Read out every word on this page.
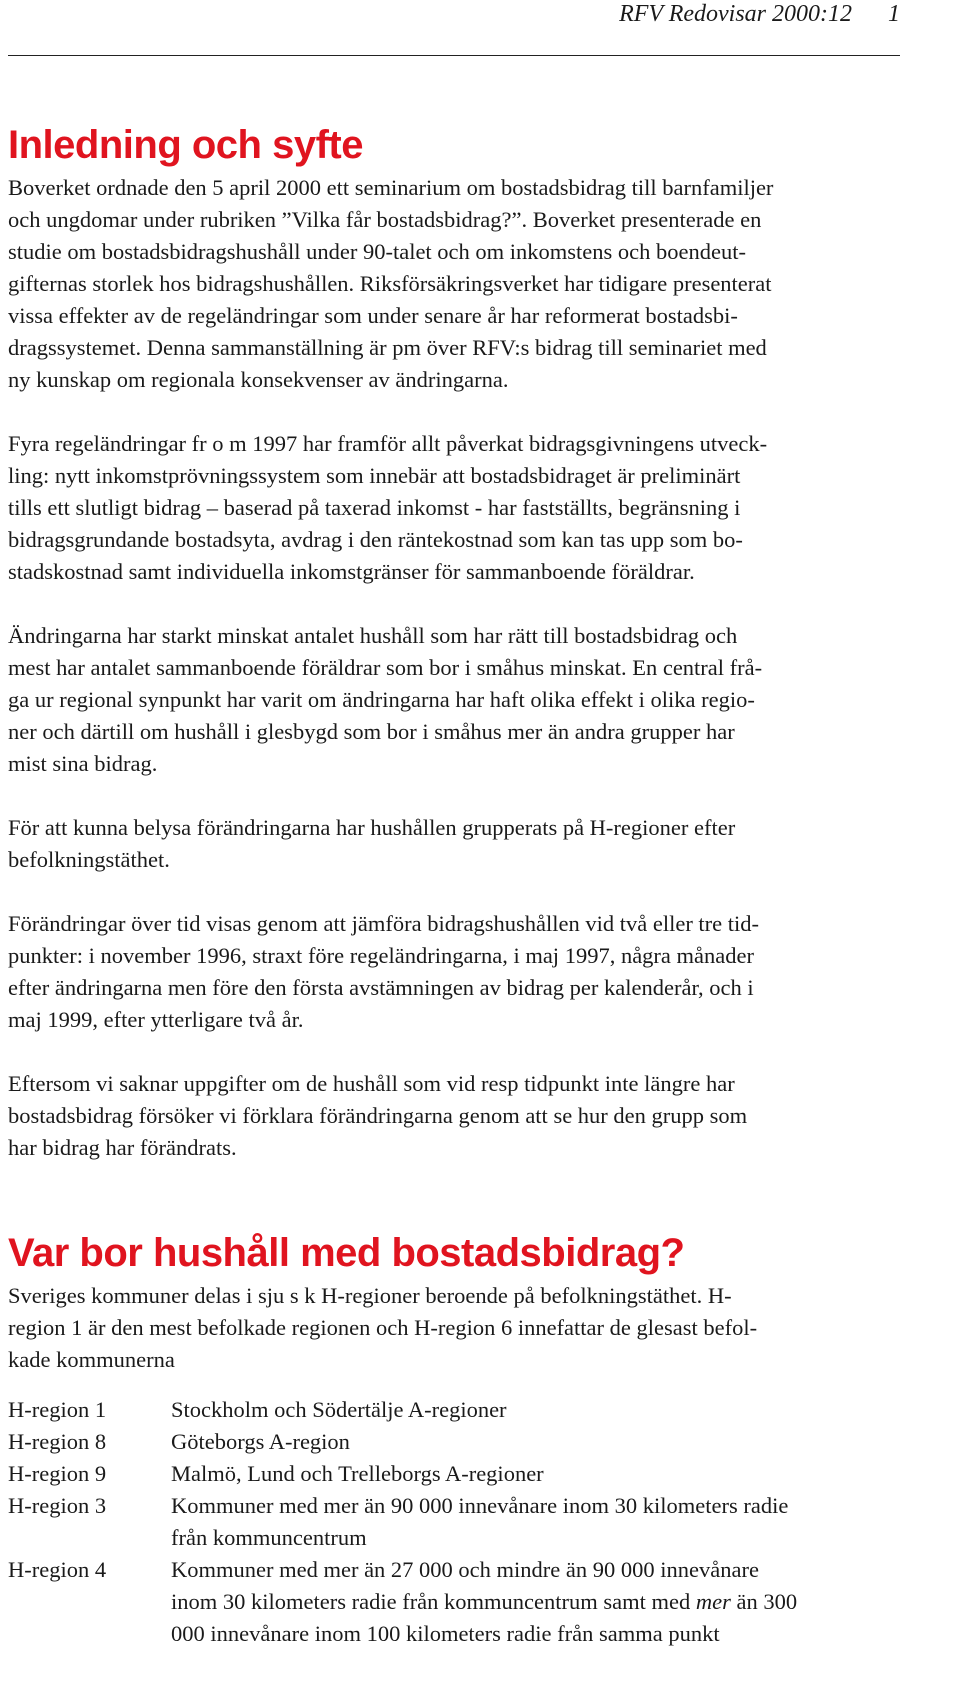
RFV Redovisar 2000:12      1
Inledning och syfte

Boverket ordnade den 5 april 2000 ett seminarium om bostadsbidrag till barnfamiljer
och ungdomar under rubriken ”Vilka får bostadsbidrag?”. Boverket presenterade en
studie om bostadsbidragshushåll under 90-talet och om inkomstens och boendeut-
gifternas storlek hos bidragshushållen. Riksförsäkringsverket har tidigare presenterat
vissa effekter av de regeländringar som under senare år har reformerat bostadsbi-
dragssystemet. Denna sammanställning är pm över RFV:s bidrag till seminariet med
ny kunskap om regionala konsekvenser av ändringarna.

Fyra regeländringar fr o m 1997 har framför allt påverkat bidragsgivningens utveck-
ling: nytt inkomstprövningssystem som innebär att bostadsbidraget är preliminärt
tills ett slutligt bidrag – baserad på taxerad inkomst - har fastställts, begränsning i
bidragsgrundande bostadsyta, avdrag i den räntekostnad som kan tas upp som bo-
stadskostnad samt individuella inkomstgränser för sammanboende föräldrar.

Ändringarna har starkt minskat antalet hushåll som har rätt till bostadsbidrag och
mest har antalet sammanboende föräldrar som bor i småhus minskat. En central frå-
ga ur regional synpunkt har varit om ändringarna har haft olika effekt i olika regio-
ner och därtill om hushåll i glesbygd som bor i småhus mer än andra grupper har
mist sina bidrag.

För att kunna belysa förändringarna har hushållen grupperats på H-regioner efter
befolkningstäthet.

Förändringar över tid visas genom att jämföra bidragshushållen vid två eller tre tid-
punkter: i november 1996, straxt före regeländringarna, i maj 1997, några månader
efter ändringarna men före den första avstämningen av bidrag per kalenderår, och i
maj 1999, efter ytterligare två år.

Eftersom vi saknar uppgifter om de hushåll som vid resp tidpunkt inte längre har
bostadsbidrag försöker vi förklara förändringarna genom att se hur den grupp som
har bidrag har förändrats.

Var bor hushåll med bostadsbidrag?

Sveriges kommuner delas i sju s k H-regioner beroende på befolkningstäthet. H-
region 1 är den mest befolkade regionen och H-region 6 innefattar de glesast befol-
kade kommunerna

H-region 1	Stockholm och Södertälje A-regioner
H-region 8	Göteborgs A-region
H-region 9	Malmö, Lund och Trelleborgs A-regioner
H-region 3	Kommuner med mer än 90 000 innevånare inom 30 kilometers radie
från kommuncentrum
H-region 4	Kommuner med mer än 27 000 och mindre än 90 000 innevånare
inom 30 kilometers radie från kommuncentrum samt med mer än 300
000 innevånare inom 100 kilometers radie från samma punkt
